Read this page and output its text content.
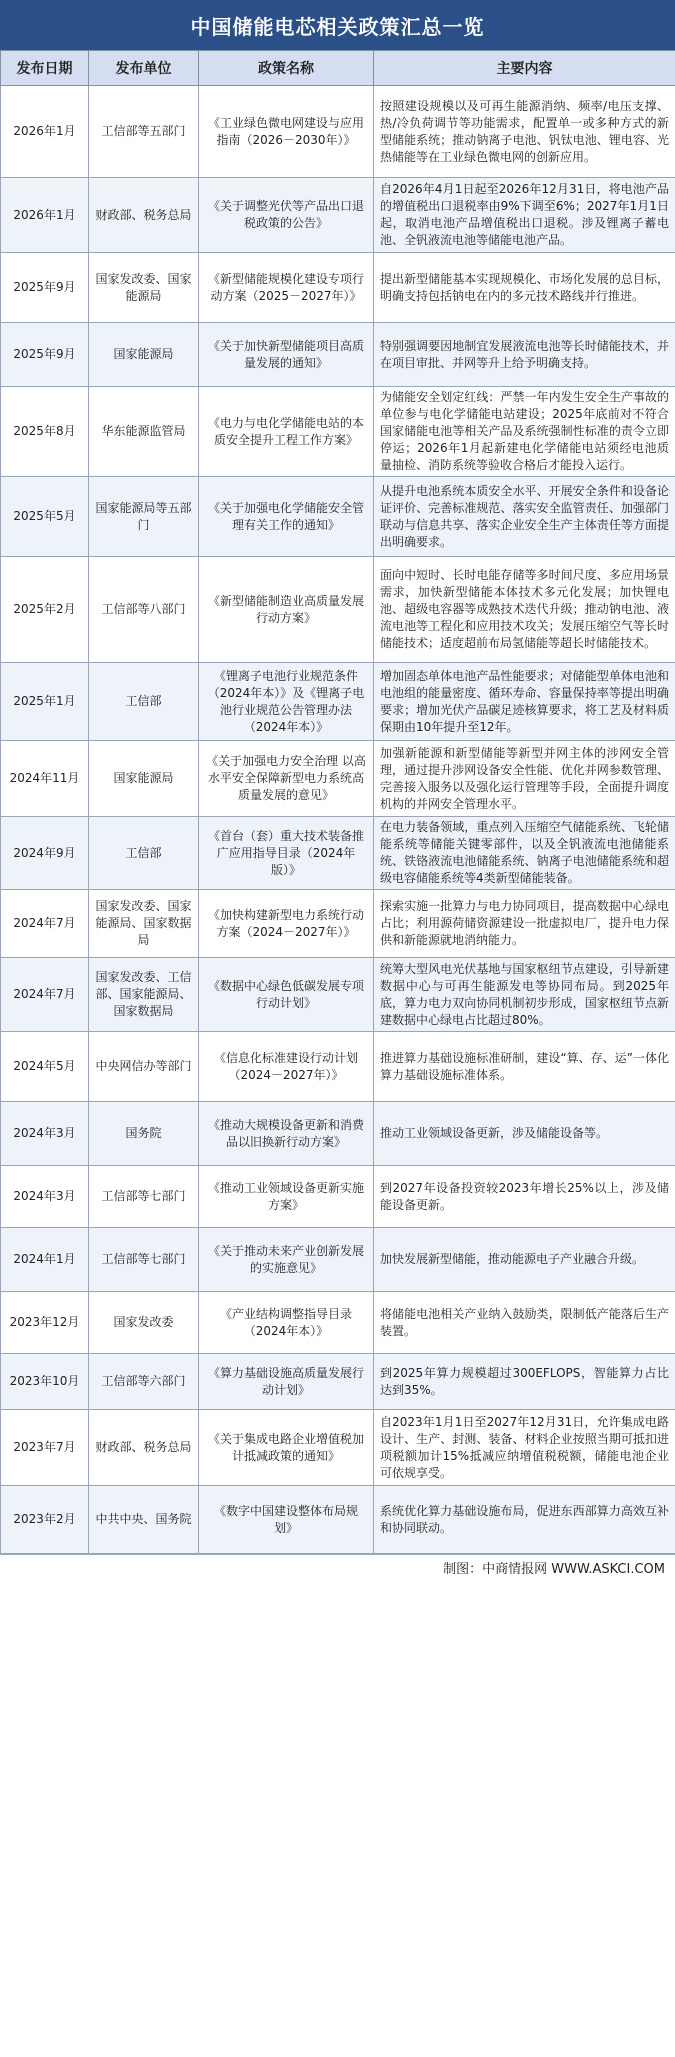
中国储能电芯相关政策汇总一览
发布日期	发布单位	政策名称	主要内容
2026年1月	工信部等五部门	《工业绿色微电网建设与应用指南（2026－2030年）》	按照建设规模以及可再生能源消纳、频率/电压支撑、热/冷负荷调节等功能需求，配置单一或多种方式的新型储能系统；推动钠离子电池、钒钛电池、锂电容、光热储能等在工业绿色微电网的创新应用。
2026年1月	财政部、税务总局	《关于调整光伏等产品出口退税政策的公告》	自2026年4月1日起至2026年12月31日，将电池产品的增值税出口退税率由9%下调至6%；2027年1月1日起，取消电池产品增值税出口退税。涉及锂离子蓄电池、全钒液流电池等储能电池产品。
2025年9月	国家发改委、国家能源局	《新型储能规模化建设专项行动方案（2025－2027年）》	提出新型储能基本实现规模化、市场化发展的总目标，明确支持包括钠电在内的多元技术路线并行推进。
2025年9月	国家能源局	《关于加快新型储能项目高质量发展的通知》	特别强调要因地制宜发展液流电池等长时储能技术，并在项目审批、并网等升上给予明确支持。
2025年8月	华东能源监管局	《电力与电化学储能电站的本质安全提升工程工作方案》	为储能安全划定红线：严禁一年内发生安全生产事故的单位参与电化学储能电站建设；2025年底前对不符合国家储能电池等相关产品及系统强制性标准的责令立即停运；2026年1月起新建电化学储能电站须经电池质量抽检、消防系统等验收合格后才能投入运行。
2025年5月	国家能源局等五部门	《关于加强电化学储能安全管理有关工作的通知》	从提升电池系统本质安全水平、开展安全条件和设备论证评价、完善标准规范、落实安全监管责任、加强部门联动与信息共享、落实企业安全生产主体责任等方面提出明确要求。
2025年2月	工信部等八部门	《新型储能制造业高质量发展行动方案》	面向中短时、长时电能存储等多时间尺度、多应用场景需求，加快新型储能本体技术多元化发展；加快锂电池、超级电容器等成熟技术迭代升级；推动钠电池、液流电池等工程化和应用技术攻关；发展压缩空气等长时储能技术；适度超前布局氢储能等超长时储能技术。
2025年1月	工信部	《锂离子电池行业规范条件（2024年本）》及《锂离子电池行业规范公告管理办法（2024年本）》	增加固态单体电池产品性能要求；对储能型单体电池和电池组的能量密度、循环寿命、容量保持率等提出明确要求；增加光伏产品碳足迹核算要求，将工艺及材料质保期由10年提升至12年。
2024年11月	国家能源局	《关于加强电力安全治理 以高水平安全保障新型电力系统高质量发展的意见》	加强新能源和新型储能等新型并网主体的涉网安全管理，通过提升涉网设备安全性能、优化并网参数管理、完善接入服务以及强化运行管理等手段，全面提升调度机构的并网安全管理水平。
2024年9月	工信部	《首台（套）重大技术装备推广应用指导目录（2024年版）》	在电力装备领域，重点列入压缩空气储能系统、飞轮储能系统等储能关键零部件，以及全钒液流电池储能系统、铁铬液流电池储能系统、钠离子电池储能系统和超级电容储能系统等4类新型储能装备。
2024年7月	国家发改委、国家能源局、国家数据局	《加快构建新型电力系统行动方案（2024－2027年）》	探索实施一批算力与电力协同项目，提高数据中心绿电占比；利用源荷储资源建设一批虚拟电厂，提升电力保供和新能源就地消纳能力。
2024年7月	国家发改委、工信部、国家能源局、国家数据局	《数据中心绿色低碳发展专项行动计划》	统筹大型风电光伏基地与国家枢纽节点建设，引导新建数据中心与可再生能源发电等协同布局。到2025年底，算力电力双向协同机制初步形成，国家枢纽节点新建数据中心绿电占比超过80%。
2024年5月	中央网信办等部门	《信息化标准建设行动计划（2024－2027年）》	推进算力基础设施标准研制，建设“算、存、运”一体化算力基础设施标准体系。
2024年3月	国务院	《推动大规模设备更新和消费品以旧换新行动方案》	推动工业领域设备更新，涉及储能设备等。
2024年3月	工信部等七部门	《推动工业领域设备更新实施方案》	到2027年设备投资较2023年增长25%以上，涉及储能设备更新。
2024年1月	工信部等七部门	《关于推动未来产业创新发展的实施意见》	加快发展新型储能，推动能源电子产业融合升级。
2023年12月	国家发改委	《产业结构调整指导目录（2024年本）》	将储能电池相关产业纳入鼓励类，限制低产能落后生产装置。
2023年10月	工信部等六部门	《算力基础设施高质量发展行动计划》	到2025年算力规模超过300EFLOPS，智能算力占比达到35%。
2023年7月	财政部、税务总局	《关于集成电路企业增值税加计抵减政策的通知》	自2023年1月1日至2027年12月31日，允许集成电路设计、生产、封测、装备、材料企业按照当期可抵扣进项税额加计15%抵减应纳增值税税额，储能电池企业可依规享受。
2023年2月	中共中央、国务院	《数字中国建设整体布局规划》	系统优化算力基础设施布局，促进东西部算力高效互补和协同联动。
制图：中商情报网 WWW.ASKCI.COM
